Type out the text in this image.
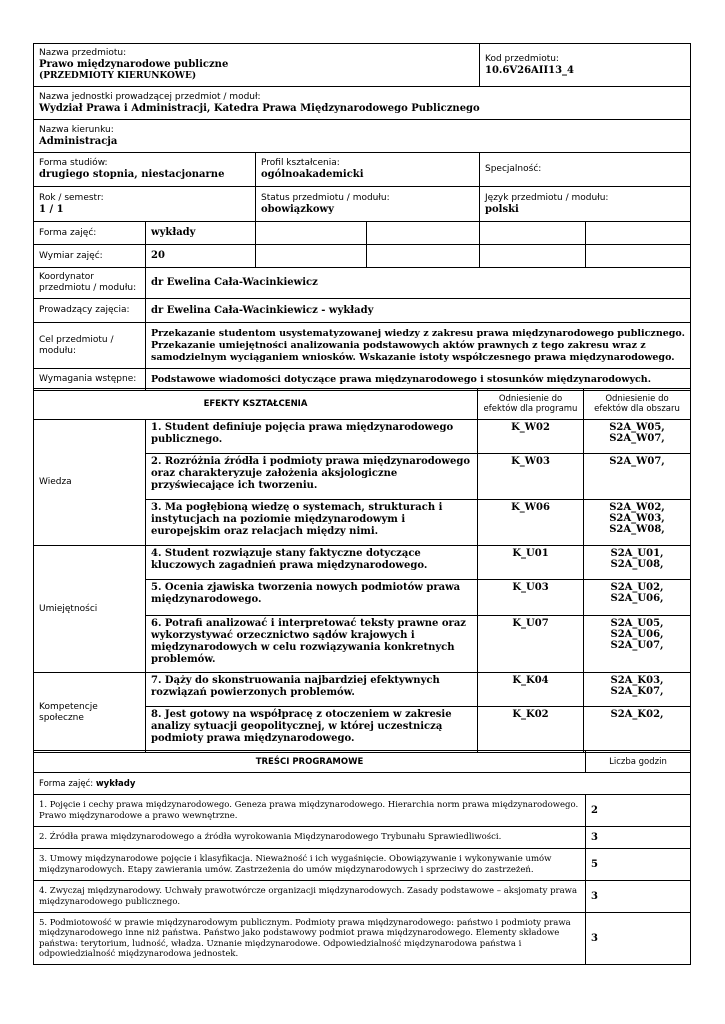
Nazwa przedmiotu:
Prawo międzynarodowe publiczne
(PRZEDMIOTY KIERUNKOWE)				Kod przedmiotu:
10.6V26AII13_4	

Nazwa jednostki prowadzącej przedmiot / moduł:
Wydział Prawa i Administracji, Katedra Prawa Międzynarodowego Publicznego					

Nazwa kierunku:
Administracja					

Forma studiów:
drugiego stopnia, niestacjonarne		Profil kształcenia:
ogólnoakademicki		Specjalność:	

Rok / semestr:
1 / 1		Status przedmiotu / modułu:
obowiązkowy		Język przedmiotu / modułu:
polski	

Forma zajęć:	wykłady				
Wymiar zajęć:	20				
Koordynator przedmiotu / modułu:	dr Ewelina Cała-Wacinkiewicz				
Prowadzący zajęcia:	dr Ewelina Cała-Wacinkiewicz - wykłady				
Cel przedmiotu / modułu:	Przekazanie studentom usystematyzowanej wiedzy z zakresu prawa międzynarodowego publicznego. Przekazanie umiejętności analizowania podstawowych aktów prawnych z tego zakresu wraz z samodzielnym wyciąganiem wniosków. Wskazanie istoty współczesnego prawa międzynarodowego.				
Wymagania wstępne:	Podstawowe wiadomości dotyczące prawa międzynarodowego i stosunków międzynarodowych.				
EFEKTY KSZTAŁCENIA		Odniesienie do efektów dla programu	Odniesienie do efektów dla obszaru
Wiedza	1. Student definiuje pojęcia prawa międzynarodowego publicznego.	K_W02	S2A_W05,
S2A_W07,

	2. Rozróżnia źródła i podmioty prawa międzynarodowego oraz charakteryzuje założenia aksjologiczne przyświecające ich tworzeniu.	K_W03	S2A_W07,

	3. Ma pogłębioną wiedzę o systemach, strukturach i instytucjach na poziomie międzynarodowym i europejskim oraz relacjach między nimi.	K_W06	S2A_W02,
S2A_W03,
S2A_W08,

Umiejętności	4. Student rozwiązuje stany faktyczne dotyczące kluczowych zagadnień prawa międzynarodowego.	K_U01	S2A_U01,
S2A_U08,

	5. Ocenia zjawiska tworzenia nowych podmiotów prawa międzynarodowego.	K_U03	S2A_U02,
S2A_U06,

	6. Potrafi analizować i interpretować teksty prawne oraz wykorzystywać orzecznictwo sądów krajowych i międzynarodowych w celu rozwiązywania konkretnych problemów.	K_U07	S2A_U05,
S2A_U06,
S2A_U07,

Kompetencje społeczne	7. Dąży do skonstruowania najbardziej efektywnych rozwiązań powierzonych problemów.	K_K04	S2A_K03,
S2A_K07,

	8. Jest gotowy na współpracę z otoczeniem w zakresie analizy sytuacji geopolitycznej, w której uczestniczą podmioty prawa międzynarodowego.	K_K02	S2A_K02,
TREŚCI PROGRAMOWE	Liczba godzin
Forma zajęć: wykłady	
1. Pojęcie i cechy prawa międzynarodowego. Geneza prawa międzynarodowego. Hierarchia norm prawa międzynarodowego. Prawo międzynarodowe a prawo wewnętrzne.	2
2. Źródła prawa międzynarodowego a źródła wyrokowania Międzynarodowego Trybunału Sprawiedliwości.	3
3. Umowy międzynarodowe pojęcie i klasyfikacja. Nieważność i ich wygaśnięcie. Obowiązywanie i wykonywanie umów międzynarodowych. Etapy zawierania umów. Zastrzeżenia do umów międzynarodowych i sprzeciwy do zastrzeżeń.	5
4. Zwyczaj międzynarodowy. Uchwały prawotwórcze organizacji międzynarodowych. Zasady podstawowe – aksjomaty prawa międzynarodowego publicznego.	3
5. Podmiotowość w prawie międzynarodowym publicznym. Podmioty prawa międzynarodowego: państwo i podmioty prawa międzynarodowego inne niż państwa. Państwo jako podstawowy podmiot prawa międzynarodowego. Elementy składowe państwa: terytorium, ludność, władza. Uznanie międzynarodowe. Odpowiedzialność międzynarodowa państwa i odpowiedzialność międzynarodowa jednostek.	3
